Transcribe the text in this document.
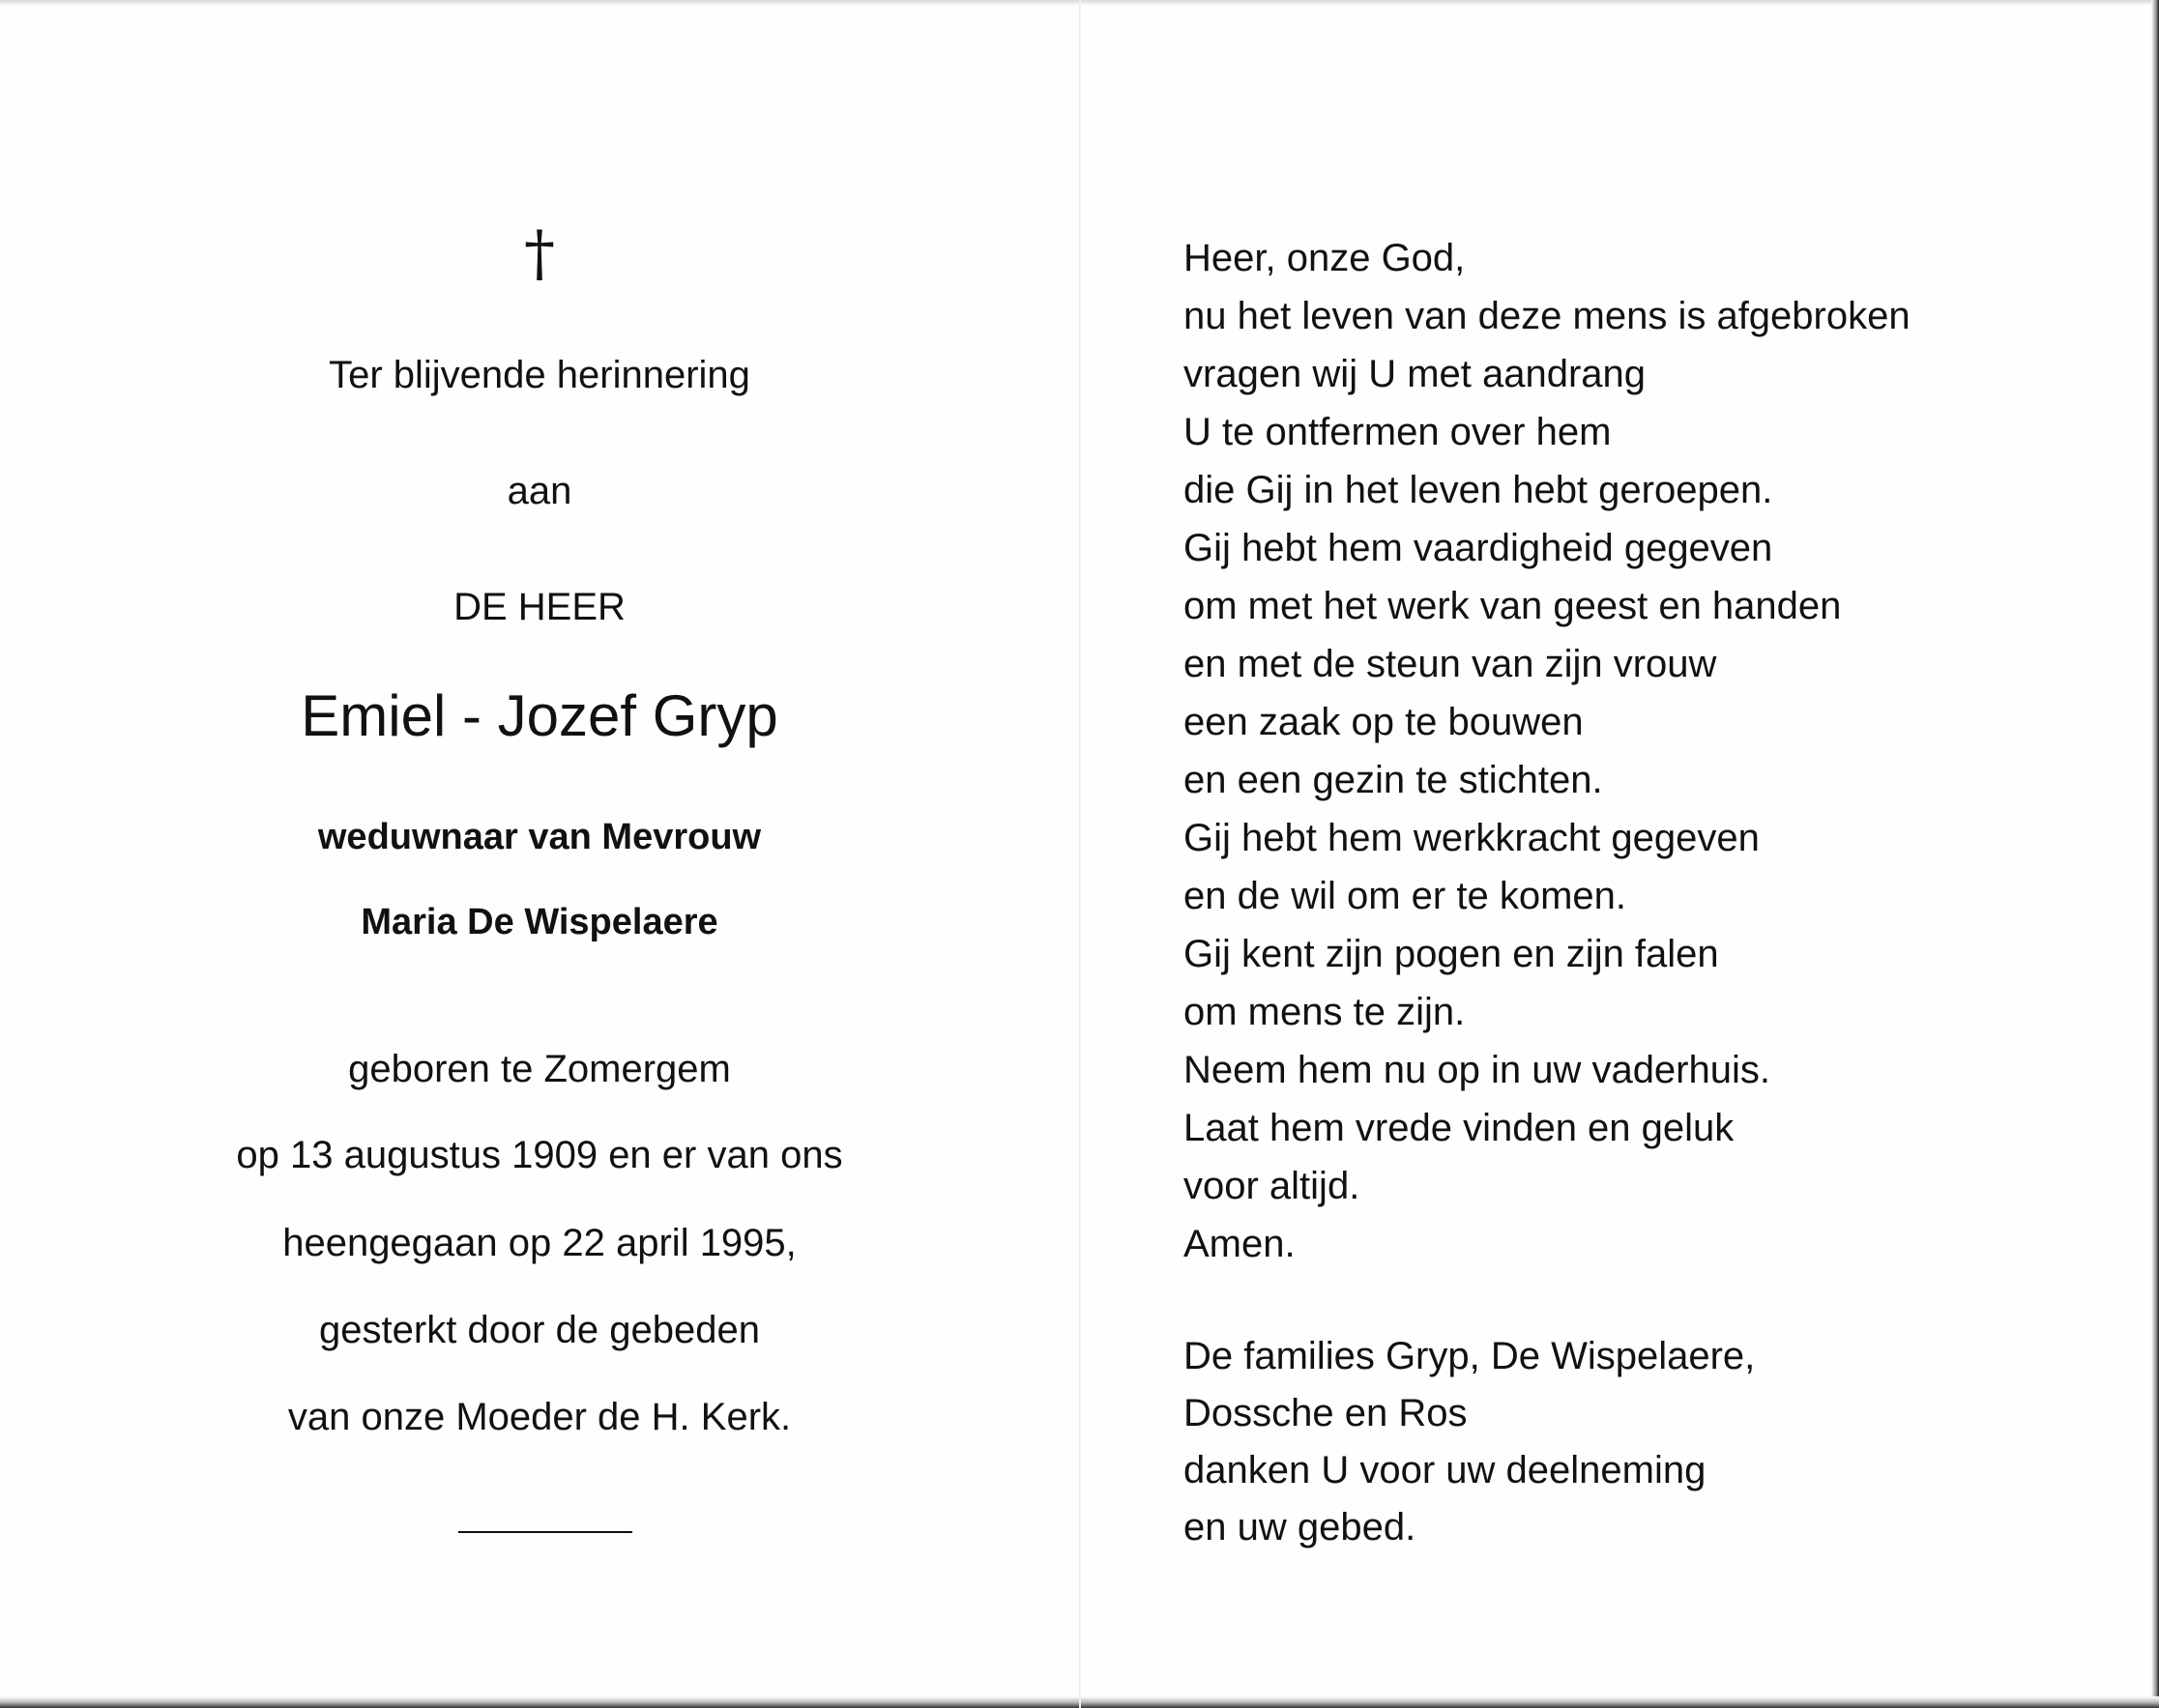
†
Ter blijvende herinnering
aan
DE HEER
Emiel - Jozef Gryp
weduwnaar van Mevrouw
Maria De Wispelaere
geboren te Zomergem
op 13 augustus 1909 en er van ons
heengegaan op 22 april 1995,
gesterkt door de gebeden
van onze Moeder de H. Kerk.
Heer, onze God,
nu het leven van deze mens is afgebroken
vragen wij U met aandrang
U te ontfermen over hem
die Gij in het leven hebt geroepen.
Gij hebt hem vaardigheid gegeven
om met het werk van geest en handen
en met de steun van zijn vrouw
een zaak op te bouwen
en een gezin te stichten.
Gij hebt hem werkkracht gegeven
en de wil om er te komen.
Gij kent zijn pogen en zijn falen
om mens te zijn.
Neem hem nu op in uw vaderhuis.
Laat hem vrede vinden en geluk
voor altijd.
Amen.
De families Gryp, De Wispelaere,
Dossche en Ros
danken U voor uw deelneming
en uw gebed.
